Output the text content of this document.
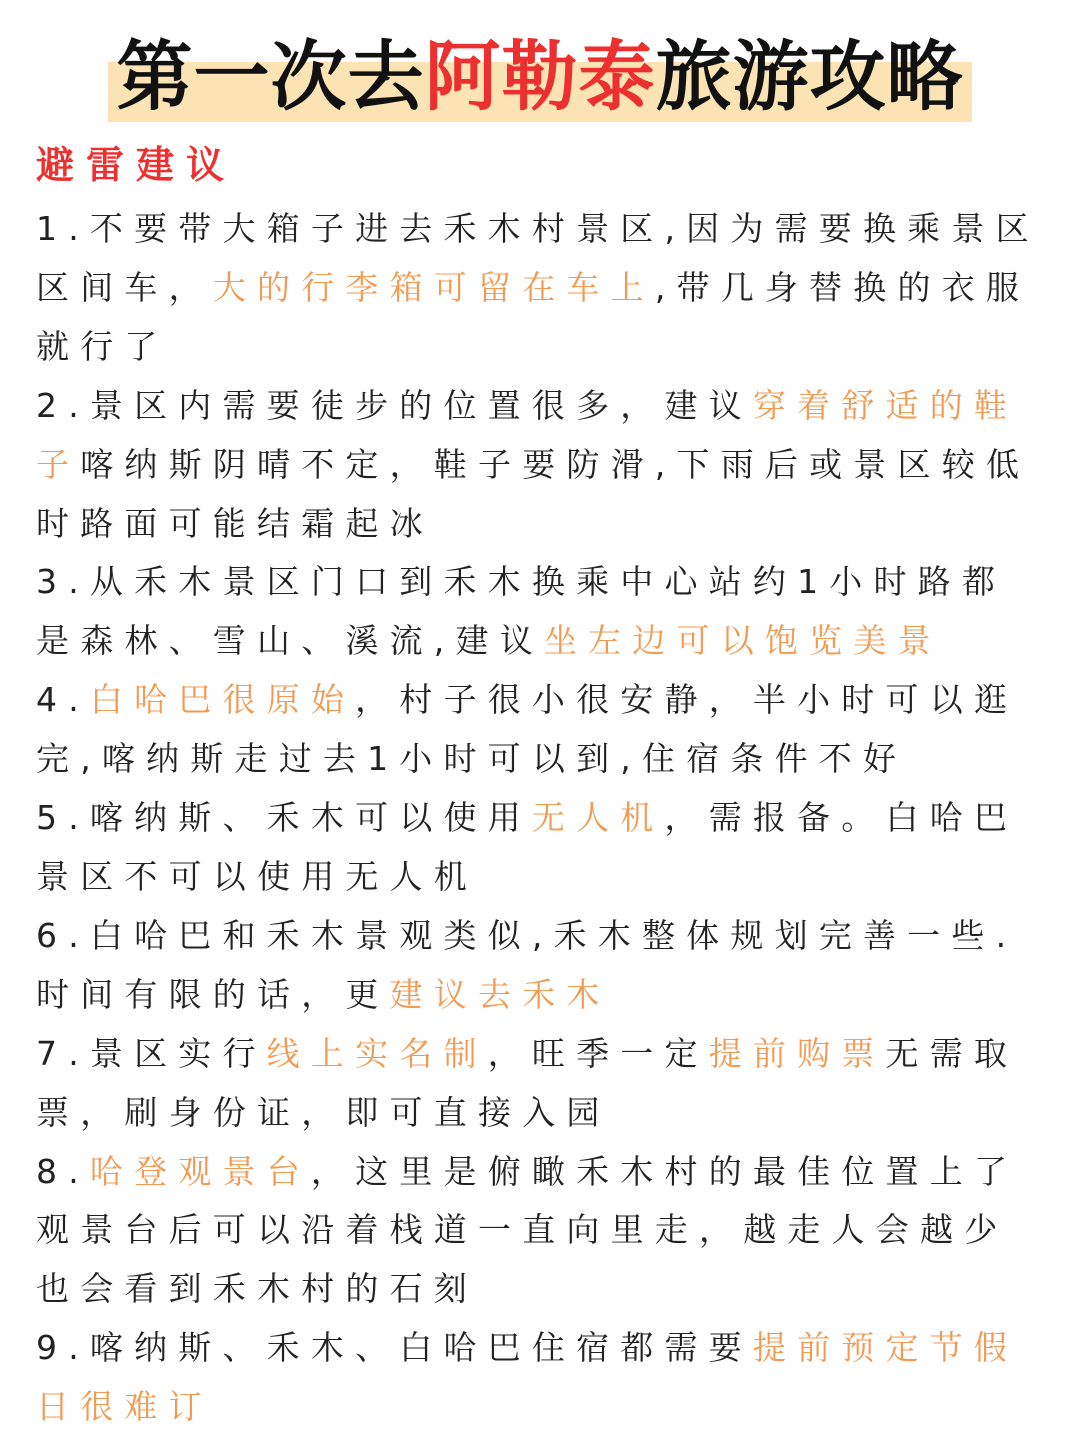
第一次去阿勒泰旅游攻略
避雷建议

1.不要带大箱子进去禾木村景区,因为需要换乘景区区间车，大的行李箱可留在车上,带几身替换的衣服就行了

2.景区内需要徒步的位置很多，建议穿着舒适的鞋子喀纳斯阴晴不定，鞋子要防滑,下雨后或景区较低时路面可能结霜起冰

3.从禾木景区门口到禾木换乘中心站约1小时路都是森林、雪山、溪流,建议坐左边可以饱览美景

4.白哈巴很原始，村子很小很安静，半小时可以逛完,喀纳斯走过去1小时可以到,住宿条件不好

5.喀纳斯、禾木可以使用无人机，需报备。白哈巴景区不可以使用无人机

6.白哈巴和禾木景观类似,禾木整体规划完善一些.时间有限的话，更建议去禾木

7.景区实行线上实名制，旺季一定提前购票无需取票，刷身份证，即可直接入园

8.哈登观景台，这里是俯瞰禾木村的最佳位置上了观景台后可以沿着栈道一直向里走，越走人会越少也会看到禾木村的石刻

9.喀纳斯、禾木、白哈巴住宿都需要提前预定节假日很难订
